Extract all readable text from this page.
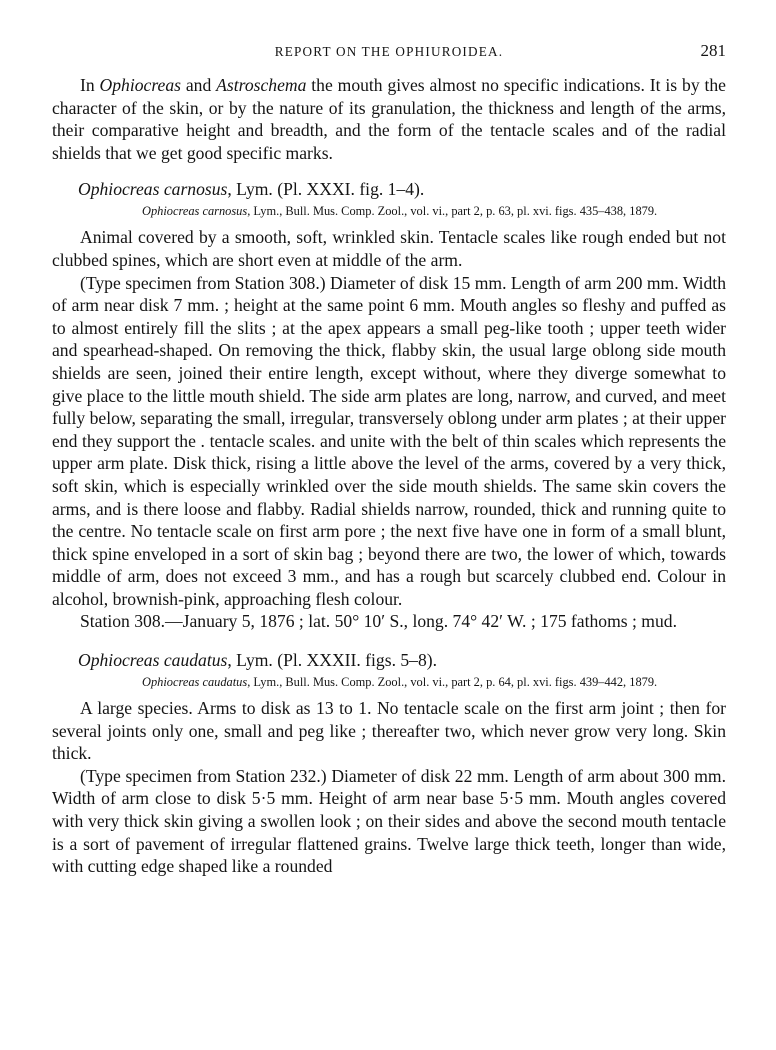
REPORT ON THE OPHIUROIDEA.	281

In Ophiocreas and Astroschema the mouth gives almost no specific indications. It is by the character of the skin, or by the nature of its granulation, the thickness and length of the arms, their comparative height and breadth, and the form of the tentacle scales and of the radial shields that we get good specific marks.

Ophiocreas carnosus, Lym. (Pl. XXXI. fig. 1–4).

Ophiocreas carnosus, Lym., Bull. Mus. Comp. Zool., vol. vi., part 2, p. 63, pl. xvi. figs. 435–438, 1879.

Animal covered by a smooth, soft, wrinkled skin. Tentacle scales like rough ended but not clubbed spines, which are short even at middle of the arm.

(Type specimen from Station 308.) Diameter of disk 15 mm. Length of arm 200 mm. Width of arm near disk 7 mm. ; height at the same point 6 mm. Mouth angles so fleshy and puffed as to almost entirely fill the slits ; at the apex appears a small peg-like tooth ; upper teeth wider and spearhead-shaped. On removing the thick, flabby skin, the usual large oblong side mouth shields are seen, joined their entire length, except without, where they diverge somewhat to give place to the little mouth shield. The side arm plates are long, narrow, and curved, and meet fully below, separating the small, irregular, transversely oblong under arm plates ; at their upper end they support the . tentacle scales. and unite with the belt of thin scales which represents the upper arm plate. Disk thick, rising a little above the level of the arms, covered by a very thick, soft skin, which is especially wrinkled over the side mouth shields. The same skin covers the arms, and is there loose and flabby. Radial shields narrow, rounded, thick and running quite to the centre. No tentacle scale on first arm pore ; the next five have one in form of a small blunt, thick spine enveloped in a sort of skin bag ; beyond there are two, the lower of which, towards middle of arm, does not exceed 3 mm., and has a rough but scarcely clubbed end. Colour in alcohol, brownish-pink, approaching flesh colour.

Station 308.—January 5, 1876 ; lat. 50° 10′ S., long. 74° 42′ W. ; 175 fathoms ; mud.

Ophiocreas caudatus, Lym. (Pl. XXXII. figs. 5–8).

Ophiocreas caudatus, Lym., Bull. Mus. Comp. Zool., vol. vi., part 2, p. 64, pl. xvi. figs. 439–442, 1879.

A large species. Arms to disk as 13 to 1. No tentacle scale on the first arm joint ; then for several joints only one, small and peg like ; thereafter two, which never grow very long. Skin thick.

(Type specimen from Station 232.) Diameter of disk 22 mm. Length of arm about 300 mm. Width of arm close to disk 5·5 mm. Height of arm near base 5·5 mm. Mouth angles covered with very thick skin giving a swollen look ; on their sides and above the second mouth tentacle is a sort of pavement of irregular flattened grains. Twelve large thick teeth, longer than wide, with cutting edge shaped like a rounded
